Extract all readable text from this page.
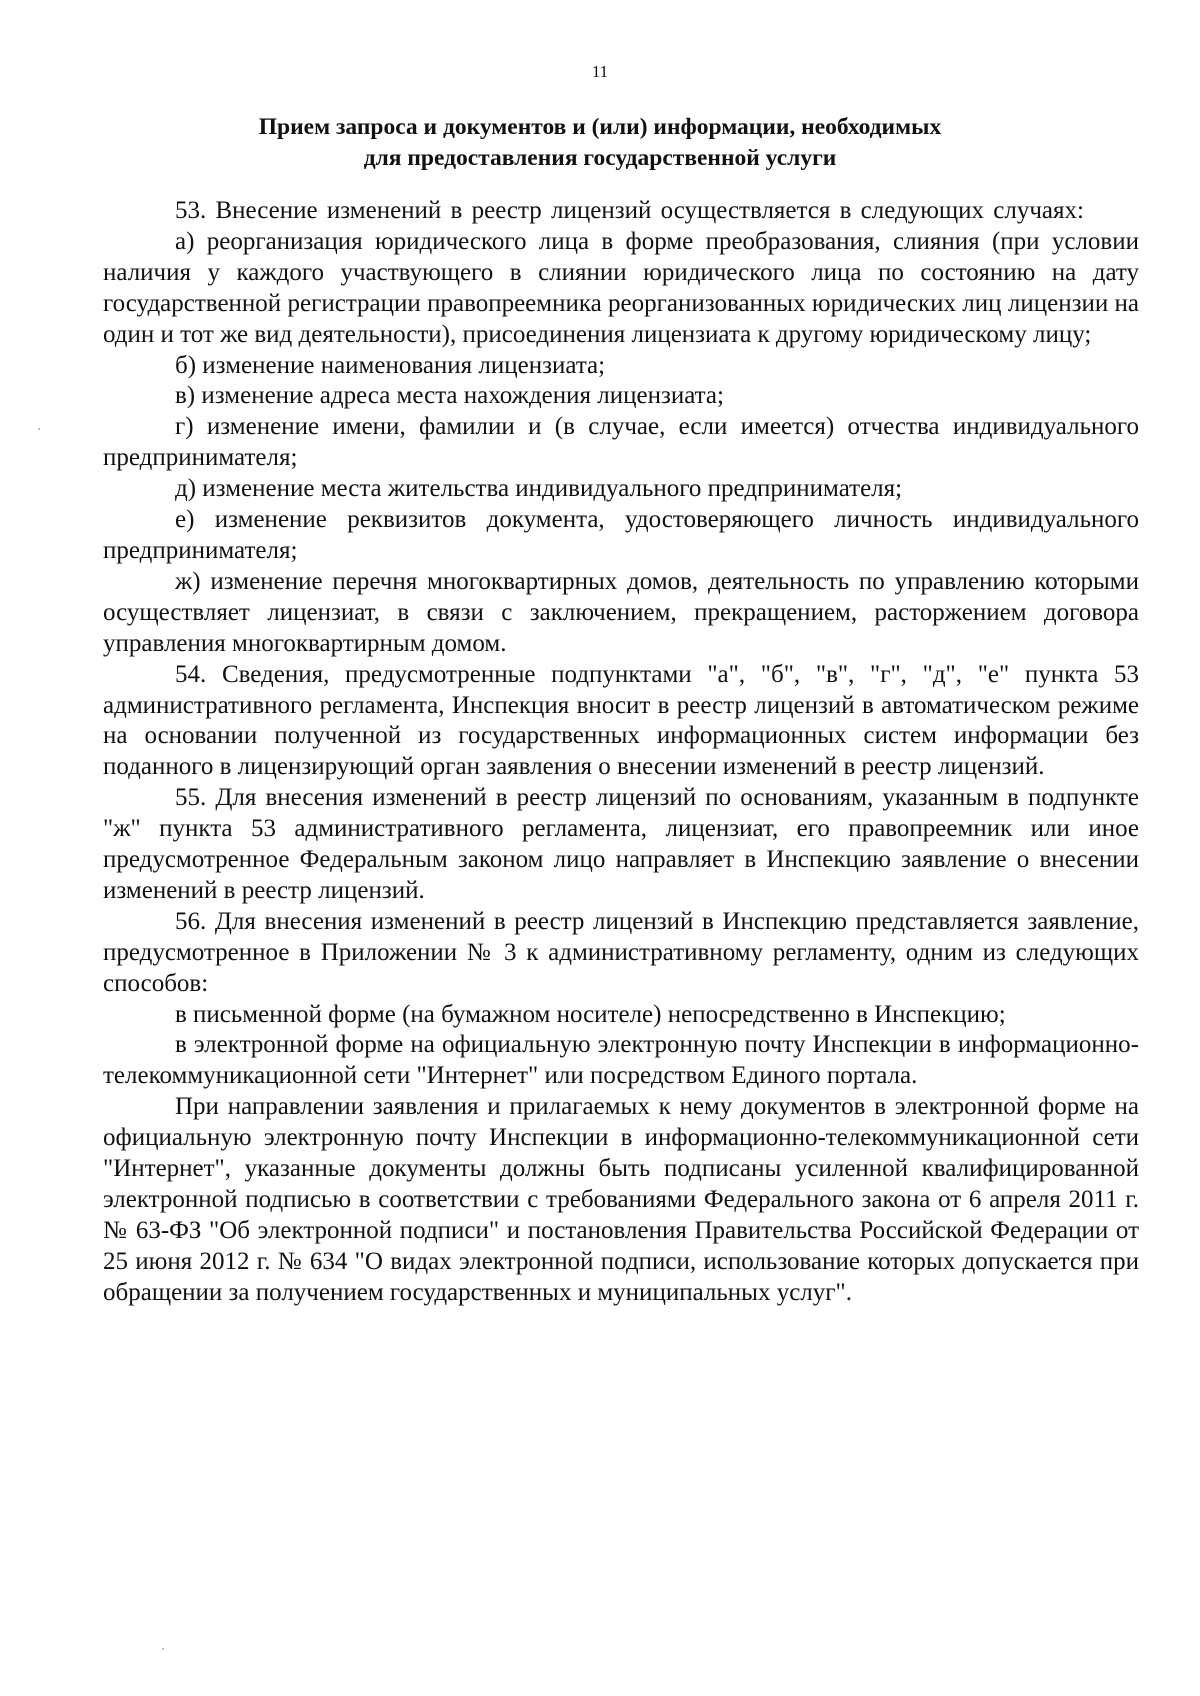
11
Прием запроса и документов и (или) информации, необходимых
для предоставления государственной услуги

53. Внесение изменений в реестр лицензий осуществляется в следующих случаях:

а) реорганизация юридического лица в форме преобразования, слияния (при условии наличия у каждого участвующего в слиянии юридического лица по состоянию на дату государственной регистрации правопреемника реорганизованных юридических лиц лицензии на один и тот же вид деятельности), присоединения лицензиата к другому юридическому лицу;

б) изменение наименования лицензиата;

в) изменение адреса места нахождения лицензиата;

г) изменение имени, фамилии и (в случае, если имеется) отчества индивидуального предпринимателя;

д) изменение места жительства индивидуального предпринимателя;

е) изменение реквизитов документа, удостоверяющего личность индивидуального предпринимателя;

ж) изменение перечня многоквартирных домов, деятельность по управлению которыми осуществляет лицензиат, в связи с заключением, прекращением, расторжением договора управления многоквартирным домом.

54. Сведения, предусмотренные подпунктами "а", "б", "в", "г", "д", "е" пункта 53 административного регламента, Инспекция вносит в реестр лицензий в автоматическом режиме на основании полученной из государственных информационных систем информации без поданного в лицензирующий орган заявления о внесении изменений в реестр лицензий.

55. Для внесения изменений в реестр лицензий по основаниям, указанным в подпункте "ж" пункта 53 административного регламента, лицензиат, его правопреемник или иное предусмотренное Федеральным законом лицо направляет в Инспекцию заявление о внесении изменений в реестр лицензий.

56. Для внесения изменений в реестр лицензий в Инспекцию представляется заявление, предусмотренное в Приложении № 3 к административному регламенту, одним из следующих способов:

в письменной форме (на бумажном носителе) непосредственно в Инспекцию;

в электронной форме на официальную электронную почту Инспекции в информационно-телекоммуникационной сети "Интернет" или посредством Единого портала.

При направлении заявления и прилагаемых к нему документов в электронной форме на официальную электронную почту Инспекции в информационно-телекоммуникационной сети "Интернет", указанные документы должны быть подписаны усиленной квалифицированной электронной подписью в соответствии с требованиями Федерального закона от 6 апреля 2011 г. № 63-ФЗ "Об электронной подписи" и постановления Правительства Российской Федерации от 25 июня 2012 г. № 634 "О видах электронной подписи, использование которых допускается при обращении за получением государственных и муниципальных услуг".
